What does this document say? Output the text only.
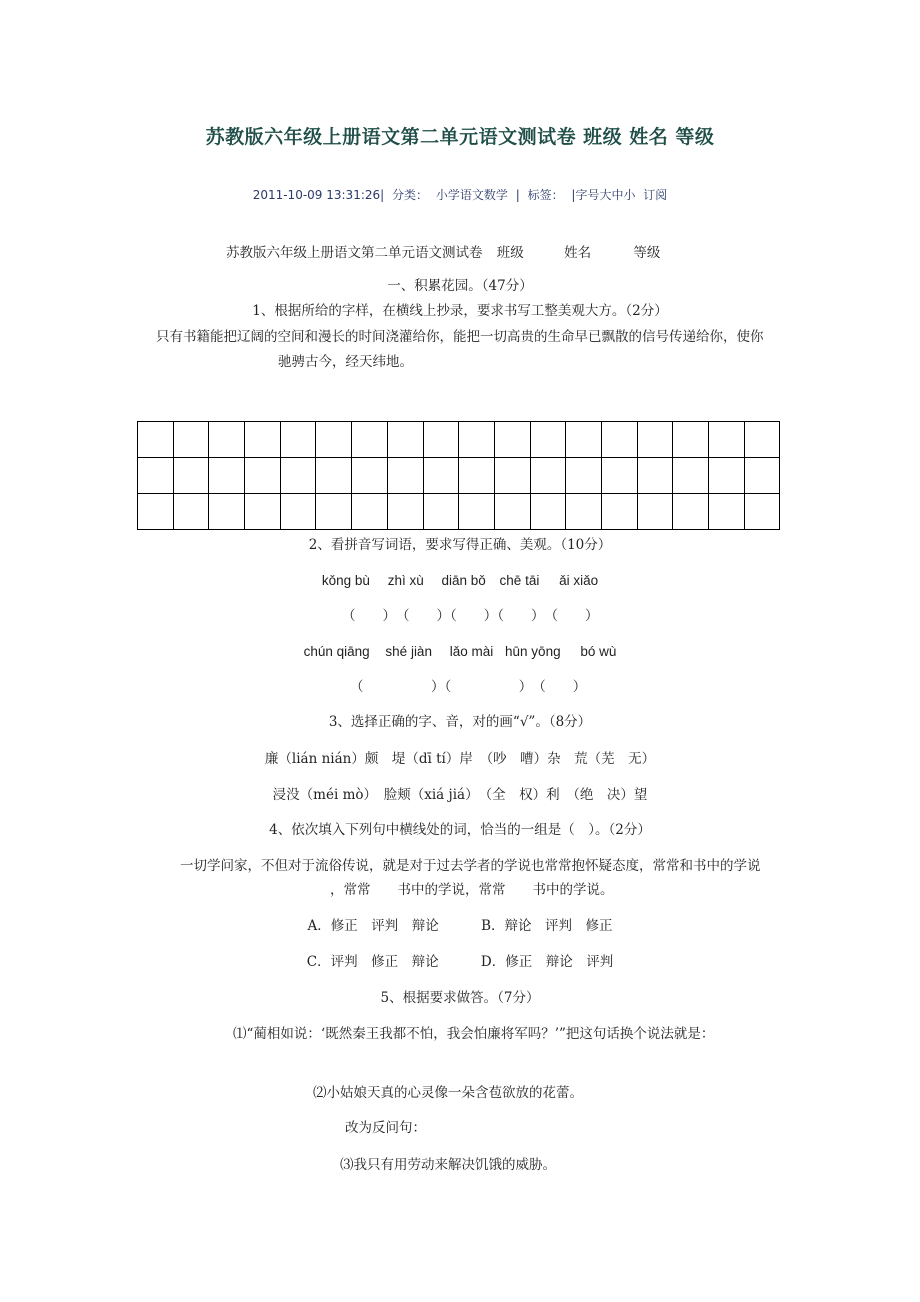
苏教版六年级上册语文第二单元语文测试卷 班级 姓名 等级
2011-10-09 13:31:26| 分类： 小学语文数学 | 标签： |字号大中小 订阅
苏教版六年级上册语文第二单元语文测试卷 班级	姓名	等级
一、积累花园。（47分）
1、根据所给的字样，在横线上抄录，要求书写工整美观大方。（2分）
只有书籍能把辽阔的空间和漫长的时间浇灌给你，能把一切高贵的生命早已飘散的信号传递给你，使你
驰骋古今，经天纬地。
2、看拼音写词语，要求写得正确、美观。（10分）
kǒnɡ bù zhì xù diān bǒ chē tāi ǎi xiǎo
（　　）　（　　）（　　）（　　）　（　　）
chún qiānɡ shé jiàn lǎo mài hūn yōnɡ bó wù
（　　　　　）（　　　　　）　（　　）
3、选择正确的字、音，对的画“√”。（8分）
廉（lián nián）颇　堤（dī tí）岸　（吵　嘈）杂　荒（芜　无）
浸没（méi mò）　脸颊（xiá jiá）　（全　权）利　（绝　决）望
4、依次填入下列句中横线处的词，恰当的一组是（　）。（2分）
一切学问家，不但对于流俗传说，就是对于过去学者的学说也常常抱怀疑态度，常常和书中的学说
，常常　　书中的学说，常常　　书中的学说。
A．修正　评判　辩论	B．辩论　评判　修正
C．评判　修正　辩论	D．修正　辩论　评判
5、根据要求做答。（7分）
⑴“蔺相如说：‘既然秦王我都不怕，我会怕廉将军吗？’”把这句话换个说法就是：
⑵小姑娘天真的心灵像一朵含苞欲放的花蕾。
改为反问句：
⑶我只有用劳动来解决饥饿的威胁。
